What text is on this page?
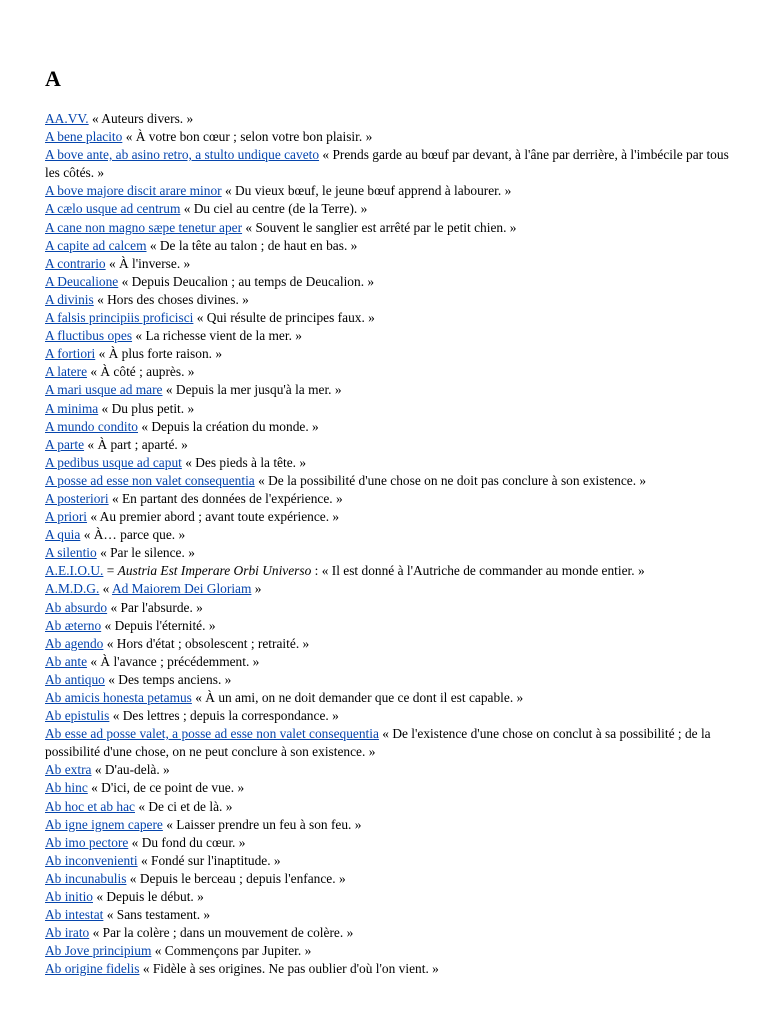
A
AA.VV. « Auteurs divers. »
A bene placito « À votre bon cœur ; selon votre bon plaisir. »
A bove ante, ab asino retro, a stulto undique caveto « Prends garde au bœuf par devant, à l'âne par derrière, à l'imbécile par tous les côtés. »
A bove majore discit arare minor « Du vieux bœuf, le jeune bœuf apprend à labourer. »
A cælo usque ad centrum « Du ciel au centre (de la Terre). »
A cane non magno sæpe tenetur aper « Souvent le sanglier est arrêté par le petit chien. »
A capite ad calcem « De la tête au talon ; de haut en bas. »
A contrario « À l'inverse. »
A Deucalione « Depuis Deucalion ; au temps de Deucalion. »
A divinis « Hors des choses divines. »
A falsis principiis proficisci « Qui résulte de principes faux. »
A fluctibus opes « La richesse vient de la mer. »
A fortiori « À plus forte raison. »
A latere « À côté ; auprès. »
A mari usque ad mare « Depuis la mer jusqu'à la mer. »
A minima « Du plus petit. »
A mundo condito « Depuis la création du monde. »
A parte « À part ; aparté. »
A pedibus usque ad caput « Des pieds à la tête. »
A posse ad esse non valet consequentia « De la possibilité d'une chose on ne doit pas conclure à son existence. »
A posteriori « En partant des données de l'expérience. »
A priori « Au premier abord ; avant toute expérience. »
A quia « À… parce que. »
A silentio « Par le silence. »
A.E.I.O.U. = Austria Est Imperare Orbi Universo : « Il est donné à l'Autriche de commander au monde entier. »
A.M.D.G. « Ad Maiorem Dei Gloriam »
Ab absurdo « Par l'absurde. »
Ab æterno « Depuis l'éternité. »
Ab agendo « Hors d'état ; obsolescent ; retraité. »
Ab ante « À l'avance ; précédemment. »
Ab antiquo « Des temps anciens. »
Ab amicis honesta petamus « À un ami, on ne doit demander que ce dont il est capable. »
Ab epistulis « Des lettres ; depuis la correspondance. »
Ab esse ad posse valet, a posse ad esse non valet consequentia « De l'existence d'une chose on conclut à sa possibilité ; de la possibilité d'une chose, on ne peut conclure à son existence. »
Ab extra « D'au-delà. »
Ab hinc « D'ici, de ce point de vue. »
Ab hoc et ab hac « De ci et de là. »
Ab igne ignem capere « Laisser prendre un feu à son feu. »
Ab imo pectore « Du fond du cœur. »
Ab inconvenienti « Fondé sur l'inaptitude. »
Ab incunabulis « Depuis le berceau ; depuis l'enfance. »
Ab initio « Depuis le début. »
Ab intestat « Sans testament. »
Ab irato « Par la colère ; dans un mouvement de colère. »
Ab Jove principium « Commençons par Jupiter. »
Ab origine fidelis « Fidèle à ses origines. Ne pas oublier d'où l'on vient. »
